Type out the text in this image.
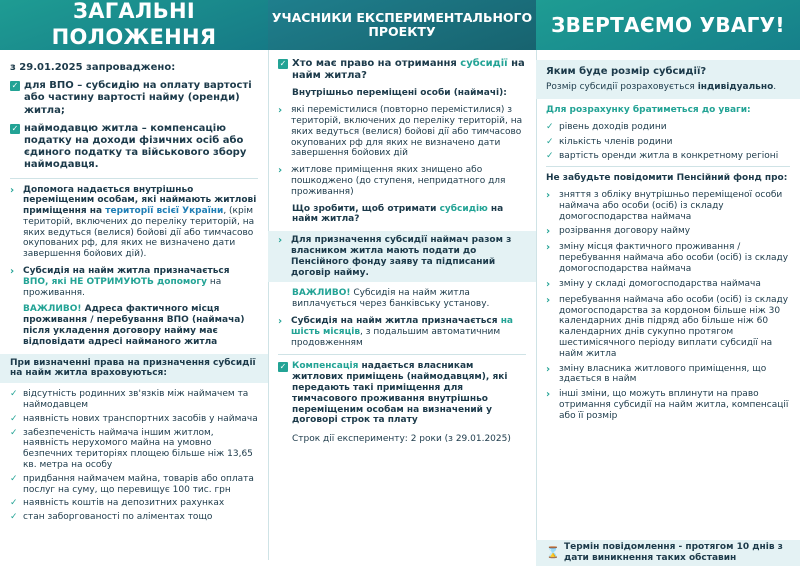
ЗАГАЛЬНІ ПОЛОЖЕННЯ
з 29.01.2025 запроваджено:
✓ для ВПО – субсидію на оплату вартості або частину вартості найму (оренди) житла;
✓ наймодавцю житла – компенсацію податку на доходи фізичних осіб або єдиного податку та військового збору наймодавця.
› Допомога надається внутрішньо переміщеним особам, які наймають житлові приміщення на території всієї України, (крім територій, включених до переліку територій, на яких ведуться (велися) бойові дії або тимчасово окупованих рф, для яких не визначено дати завершення бойових дій).
› Субсидія на найм житла призначається ВПО, які НЕ ОТРИМУЮТЬ допомогу на проживання.
ВАЖЛИВО! Адреса фактичного місця проживання / перебування ВПО (наймача) після укладення договору найму має відповідати адресі найманого житла
При визначенні права на призначення субсидії на найм житла враховуються:
✓ відсутність родинних зв'язків між наймачем та наймодавцем
✓ наявність нових транспортних засобів у наймача
✓ забезпеченість наймача іншим житлом, наявність нерухомого майна на умовно безпечних територіях площею більше ніж 13,65 кв. метра на особу
✓ придбання наймачем майна, товарів або оплата послуг на суму, що перевищує 100 тис. грн
✓ наявність коштів на депозитних рахунках
✓ стан заборгованості по аліментах тощо
УЧАСНИКИ ЕКСПЕРИМЕНТАЛЬНОГО ПРОЕКТУ
✓ Хто має право на отримання субсидії на найм житла?
Внутрішньо переміщені особи (наймачі):
› які перемістилися (повторно перемістилися) з територій, включених до переліку територій, на яких ведуться (велися) бойові дії або тимчасово окупованих рф для яких не визначено дати завершення бойових дій
› житлове приміщення яких знищено або пошкоджено (до ступеня, непридатного для проживання)
Що зробити, щоб отримати субсидію на найм житла?
› Для призначення субсидії наймач разом з власником житла мають подати до Пенсійного фонду заяву та підписаний договір найму.
ВАЖЛИВО! Субсидія на найм житла виплачується через банківську установу.
› Субсидія на найм житла призначається на шість місяців, з подальшим автоматичним продовженням
✓ Компенсація надається власникам житлових приміщень (наймодавцям), які передають такі приміщення для тимчасового проживання внутрішньо переміщеним особам на визначений у договорі строк та плату
Строк дії експерименту: 2 роки (з 29.01.2025)
ЗВЕРТАЄМО УВАГУ!
Яким буде розмір субсидії?
Розмір субсидії розраховується індивідуально.
Для розрахунку братиметься до уваги:
✓ рівень доходів родини
✓ кількість членів родини
✓ вартість оренди житла в конкретному регіоні
Не забудьте повідомити Пенсійний фонд про:
› зняття з обліку внутрішньо переміщеної особи наймача або особи (осіб) із складу домогосподарства наймача
› розірвання договору найму
› зміну місця фактичного проживання / перебування наймача або особи (осіб) із складу домогосподарства наймача
› зміну у складі домогосподарства наймача
› перебування наймача або особи (осіб) із складу домогосподарства за кордоном більше ніж 30 календарних днів підряд або більше ніж 60 календарних днів сукупно протягом шестимісячного періоду виплати субсидії на найм житла
› зміну власника житлового приміщення, що здається в найм
› інші зміни, що можуть вплинути на право отримання субсидії на найм житла, компенсації або її розмір
⌛ Термін повідомлення - протягом 10 днів з дати виникнення таких обставин
